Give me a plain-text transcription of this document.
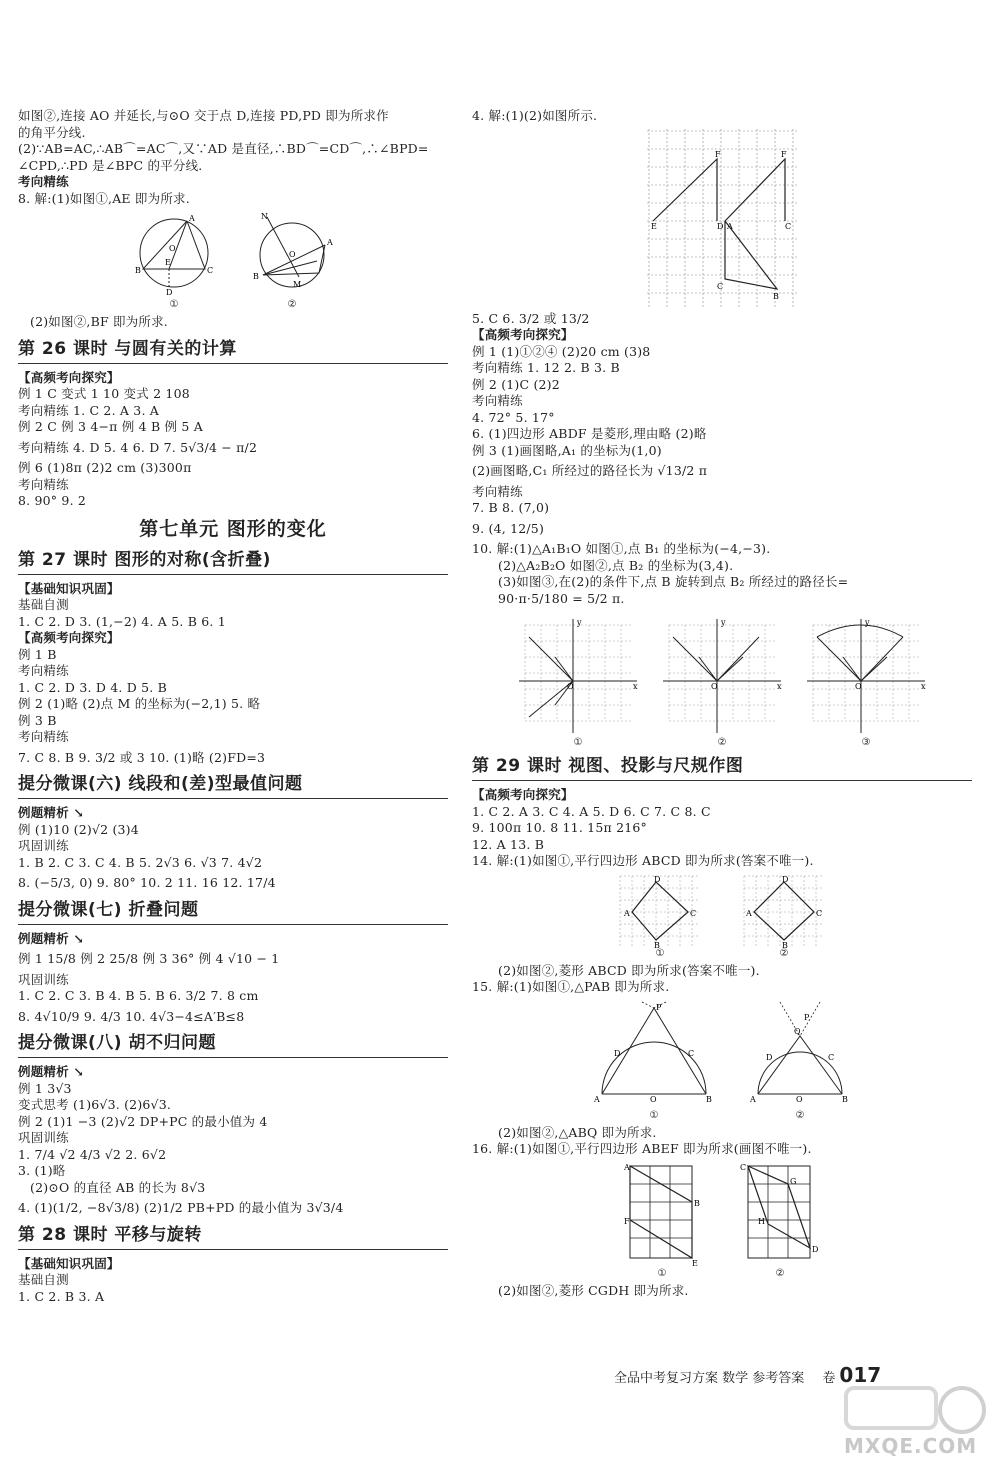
如图②,连接 AO 并延长,与⊙O 交于点 D,连接 PD,PD 即为所求作
的角平分线.
(2)∵AB=AC,∴AB⌒=AC⌒,又∵AD 是直径,∴BD⌒=CD⌒,∴∠BPD=
∠CPD,∴PD 是∠BPC 的平分线.
考向精练
8. 解:(1)如图①,AE 即为所求.
A
B	C
D
E
O
①
N
A
B
M
O
②
(2)如图②,BF 即为所求.
第 26 课时 与圆有关的计算
【高频考向探究】
例 1 C 变式 1 10 变式 2 108
考向精练 1. C 2. A 3. A
例 2 C 例 3 4−π 例 4 B 例 5 A
考向精练 4. D 5. 4 6. D 7. 5√3/4 − π/2
例 6 (1)8π (2)2 cm (3)300π
考向精练
8. 90° 9. 2
第七单元 图形的变化
第 27 课时 图形的对称(含折叠)
【基础知识巩固】
基础自测
1. C 2. D 3. (1,−2) 4. A 5. B 6. 1
【高频考向探究】
例 1 B
考向精练
1. C 2. D 3. D 4. D 5. B
例 2 (1)略 (2)点 M 的坐标为(−2,1) 5. 略
例 3 B
考向精练
7. C 8. B 9. 3/2 或 3 10. (1)略 (2)FD=3
提分微课(六) 线段和(差)型最值问题
例题精析 ↘
例 (1)10 (2)√2 (3)4
巩固训练
1. B 2. C 3. C 4. B 5. 2√3 6. √3 7. 4√2
8. (−5/3, 0) 9. 80° 10. 2 11. 16 12. 17/4
提分微课(七) 折叠问题
例题精析 ↘
例 1 15/8 例 2 25/8 例 3 36° 例 4 √10 − 1
巩固训练
1. C 2. C 3. B 4. B 5. B 6. 3/2 7. 8 cm
8. 4√10/9 9. 4/3 10. 4√3−4≤A′B≤8
提分微课(八) 胡不归问题
例题精析 ↘
例 1 3√3
变式思考 (1)6√3. (2)6√3.
例 2 (1)1 −3 (2)√2 DP+PC 的最小值为 4
巩固训练
1. 7/4 √2 4/3 √2 2. 6√2
3. (1)略
(2)⊙O 的直径 AB 的长为 8√3
4. (1)(1/2, −8√3/8) (2)1/2 PB+PD 的最小值为 3√3/4
第 28 课时 平移与旋转
【基础知识巩固】
基础自测
1. C 2. B 3. A
4. 解:(1)(2)如图所示.
F	F
E	D A	C
C
B
5. C 6. 3/2 或 13/2
【高频考向探究】
例 1 (1)①②④ (2)20 cm (3)8
考向精练 1. 12 2. B 3. B
例 2 (1)C (2)2
考向精练
4. 72° 5. 17°
6. (1)四边形 ABDF 是菱形,理由略 (2)略
例 3 (1)画图略,A₁ 的坐标为(1,0)
(2)画图略,C₁ 所经过的路径长为 √13/2 π
考向精练
7. B 8. (7,0)
9. (4, 12/5)
10. 解:(1)△A₁B₁O 如图①,点 B₁ 的坐标为(−4,−3).
(2)△A₂B₂O 如图②,点 B₂ 的坐标为(3,4).
(3)如图③,在(2)的条件下,点 B 旋转到点 B₂ 所经过的路径长=
90·π·5/180 = 5/2 π.
x
y
O
①
x
y
O
②
x
y
O
③
第 29 课时 视图、投影与尺规作图
【高频考向探究】
1. C 2. A 3. C 4. A 5. D 6. C 7. C 8. C
9. 100π 10. 8 11. 15π 216°
12. A 13. B
14. 解:(1)如图①,平行四边形 ABCD 即为所求(答案不唯一).
A
D
C
B
①
A
D
C
B
②
(2)如图②,菱形 ABCD 即为所求(答案不唯一).
15. 解:(1)如图①,△PAB 即为所求.
P
D	C
A	B
O
①
P
Q
D	C
A	B
O
②
(2)如图②,△ABQ 即为所求.
16. 解:(1)如图①,平行四边形 ABEF 即为所求(画图不唯一).
A
F
B
E
①
C
G
H
D
②
(2)如图②,菱形 CGDH 即为所求.
全品中考复习方案 数学 参考答案 卷 017
MXQE.COM
